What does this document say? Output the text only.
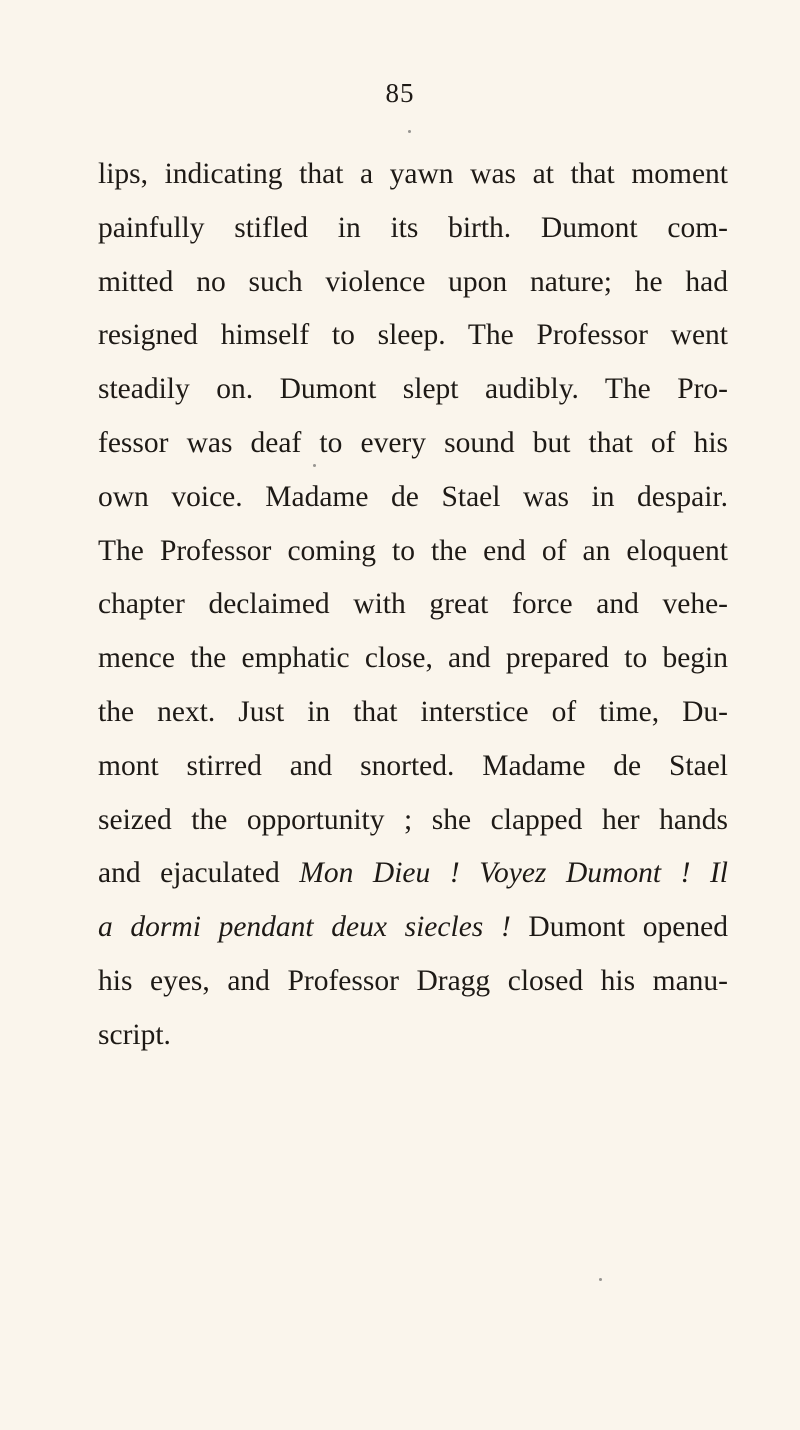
85
lips, indicating that a yawn was at that moment
painfully stifled in its birth. Dumont com-
mitted no such violence upon nature; he had
resigned himself to sleep. The Professor went
steadily on. Dumont slept audibly. The Pro-
fessor was deaf to every sound but that of his
own voice. Madame de Stael was in despair.
The Professor coming to the end of an eloquent
chapter declaimed with great force and vehe-
mence the emphatic close, and prepared to begin
the next. Just in that interstice of time, Du-
mont stirred and snorted. Madame de Stael
seized the opportunity ; she clapped her hands
and ejaculated Mon Dieu ! Voyez Dumont ! Il
a dormi pendant deux siecles ! Dumont opened
his eyes, and Professor Dragg closed his manu-
script.
